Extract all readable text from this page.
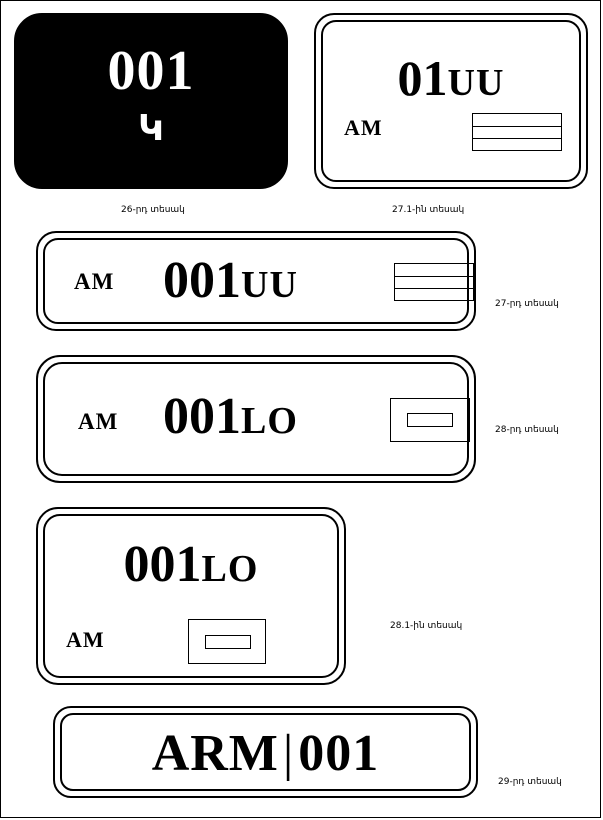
001
Կ
26-րդ տեսակ
01UU
AM
27.1-ին տեսակ
AM 001UU	27-րդ տեսակ
AM 001LO	28-րդ տեսակ
001LO
AM
28.1-ին տեսակ
ARM|001	29-րդ տեսակ
